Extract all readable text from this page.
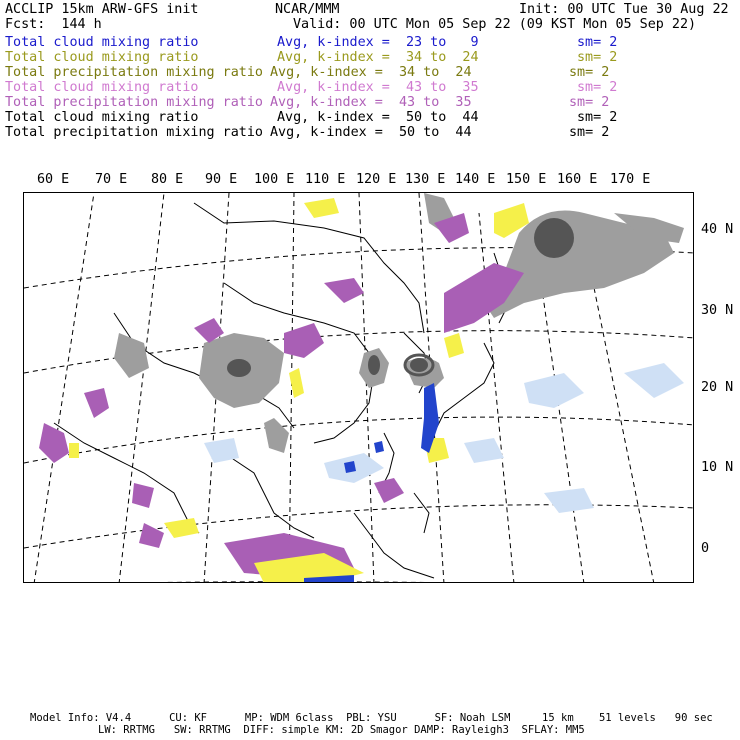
ACCLIP 15km ARW-GFS init	NCAR/MMM	Init: 00 UTC Tue 30 Aug 22
Fcst:  144 h	Valid: 00 UTC Mon 05 Sep 22 (09 KST Mon 05 Sep 22)
Total cloud mixing ratio	Avg, k-index =  23 to   9	sm= 2
Total cloud mixing ratio	Avg, k-index =  34 to  24	sm= 2
Total precipitation mixing ratio Avg, k-index =  34 to  24	sm= 2
Total cloud mixing ratio	Avg, k-index =  43 to  35	sm= 2
Total precipitation mixing ratio Avg, k-index =  43 to  35	sm= 2
Total cloud mixing ratio	Avg, k-index =  50 to  44	sm= 2
Total precipitation mixing ratio Avg, k-index =  50 to  44	sm= 2
60 E 70 E 80 E 90 E 100 E 110 E 120 E 130 E 140 E 150 E 160 E 170 E
40 N
30 N
20 N
10 N
0
Model Info: V4.4      CU: KF      MP: WDM 6class  PBL: YSU      SF: Noah LSM     15 km    51 levels   90 sec
LW: RRTMG   SW: RRTMG  DIFF: simple KM: 2D Smagor DAMP: Rayleigh3  SFLAY: MM5
